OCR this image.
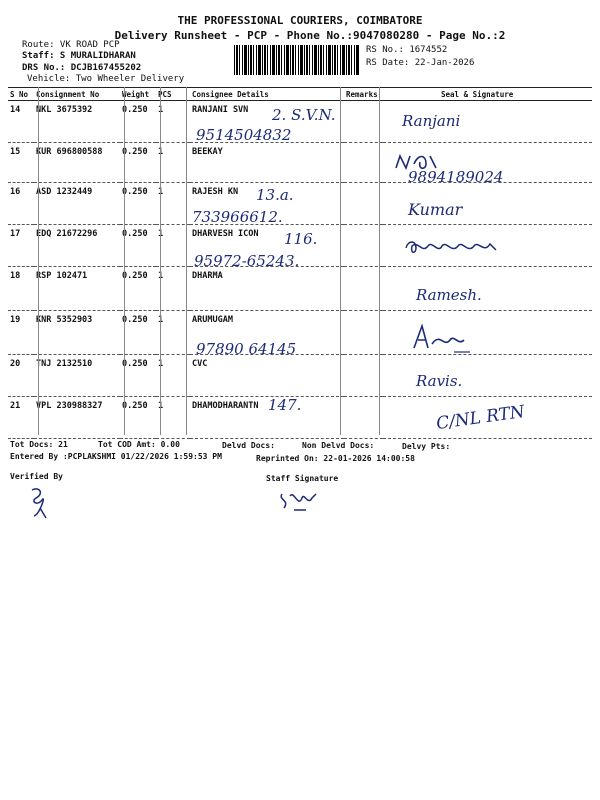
THE PROFESSIONAL COURIERS, COIMBATORE
Delivery Runsheet - PCP - Phone No.:9047080280 - Page No.:2
Route: VK ROAD PCP
Staff: S MURALIDHARAN
DRS No.: DCJB167455202
Vehicle: Two Wheeler Delivery
RS No.: 1674552
RS Date: 22-Jan-2026
S No	Consignment No	Weight	PCS	Consignee Details	Remarks	Seal & Signature
14	NKL 3675392	0.250	1	RANJANI SVN		
15	KUR 696800588	0.250	1	BEEKAY		
16	ASD 1232449	0.250	1	RAJESH KN		
17	EDQ 21672296	0.250	1	DHARVESH ICON		
18	RSP 102471	0.250	1	DHARMA		
19	KNR 5352903	0.250	1	ARUMUGAM		
20	TNJ 2132510	0.250	1	CVC		
21	VPL 230988327	0.250	1	DHAMODHARANTN		
2. S.V.N.
9514504832
13.a.
733966612.
116.
95972-65243.
97890 64145
147.
Ranjani
9894189024
Kumar
Ramesh.
Ravis.
C/NL RTN
Tot Docs: 21	Tot COD Amt: 0.00	Delvd Docs:	Non Delvd Docs:	Delvy Pts:
Entered By :PCPLAKSHMI 01/22/2026 1:59:53 PM	Reprinted On: 22-01-2026 14:00:58
Verified By	Staff Signature
